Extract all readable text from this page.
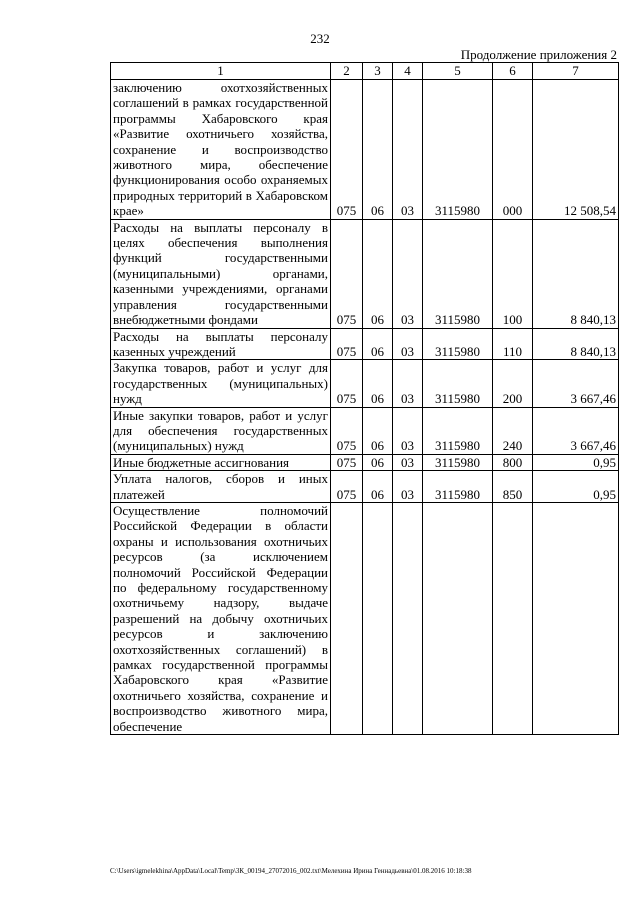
232
Продолжение приложения 2
1	2	3	4	5	6	7
заключению охотхозяйственных соглашений в рамках государственной программы Хабаровского края «Развитие охотничьего хозяйства, сохранение и воспроизводство животного мира, обеспечение функционирования особо охраняемых природных территорий в Хабаровском крае»	075	06	03	3115980	000	12 508,54
Расходы на выплаты персоналу в целях обеспечения выполнения функций государственными (муниципальными) органами, казенными учреждениями, органами управления государственными внебюджетными фондами	075	06	03	3115980	100	8 840,13
Расходы на выплаты персоналу казенных учреждений	075	06	03	3115980	110	8 840,13
Закупка товаров, работ и услуг для государственных (муниципальных) нужд	075	06	03	3115980	200	3 667,46
Иные закупки товаров, работ и услуг для обеспечения государственных (муниципальных) нужд	075	06	03	3115980	240	3 667,46
Иные бюджетные ассигнования	075	06	03	3115980	800	0,95
Уплата налогов, сборов и иных платежей	075	06	03	3115980	850	0,95
Осуществление полномочий Российской Федерации в области охраны и использования охотничьих ресурсов (за исключением полномочий Российской Федерации по федеральному государственному охотничьему надзору, выдаче разрешений на добычу охотничьих ресурсов и заключению охотхозяйственных соглашений) в рамках государственной программы Хабаровского края «Развитие охотничьего хозяйства, сохранение и воспроизводство животного мира, обеспечение						
C:\Users\igmelekhina\AppData\Local\Temp\3К_00194_27072016_002.txt\Мелехина Ирина Геннадьевна\01.08.2016 10:18:38
